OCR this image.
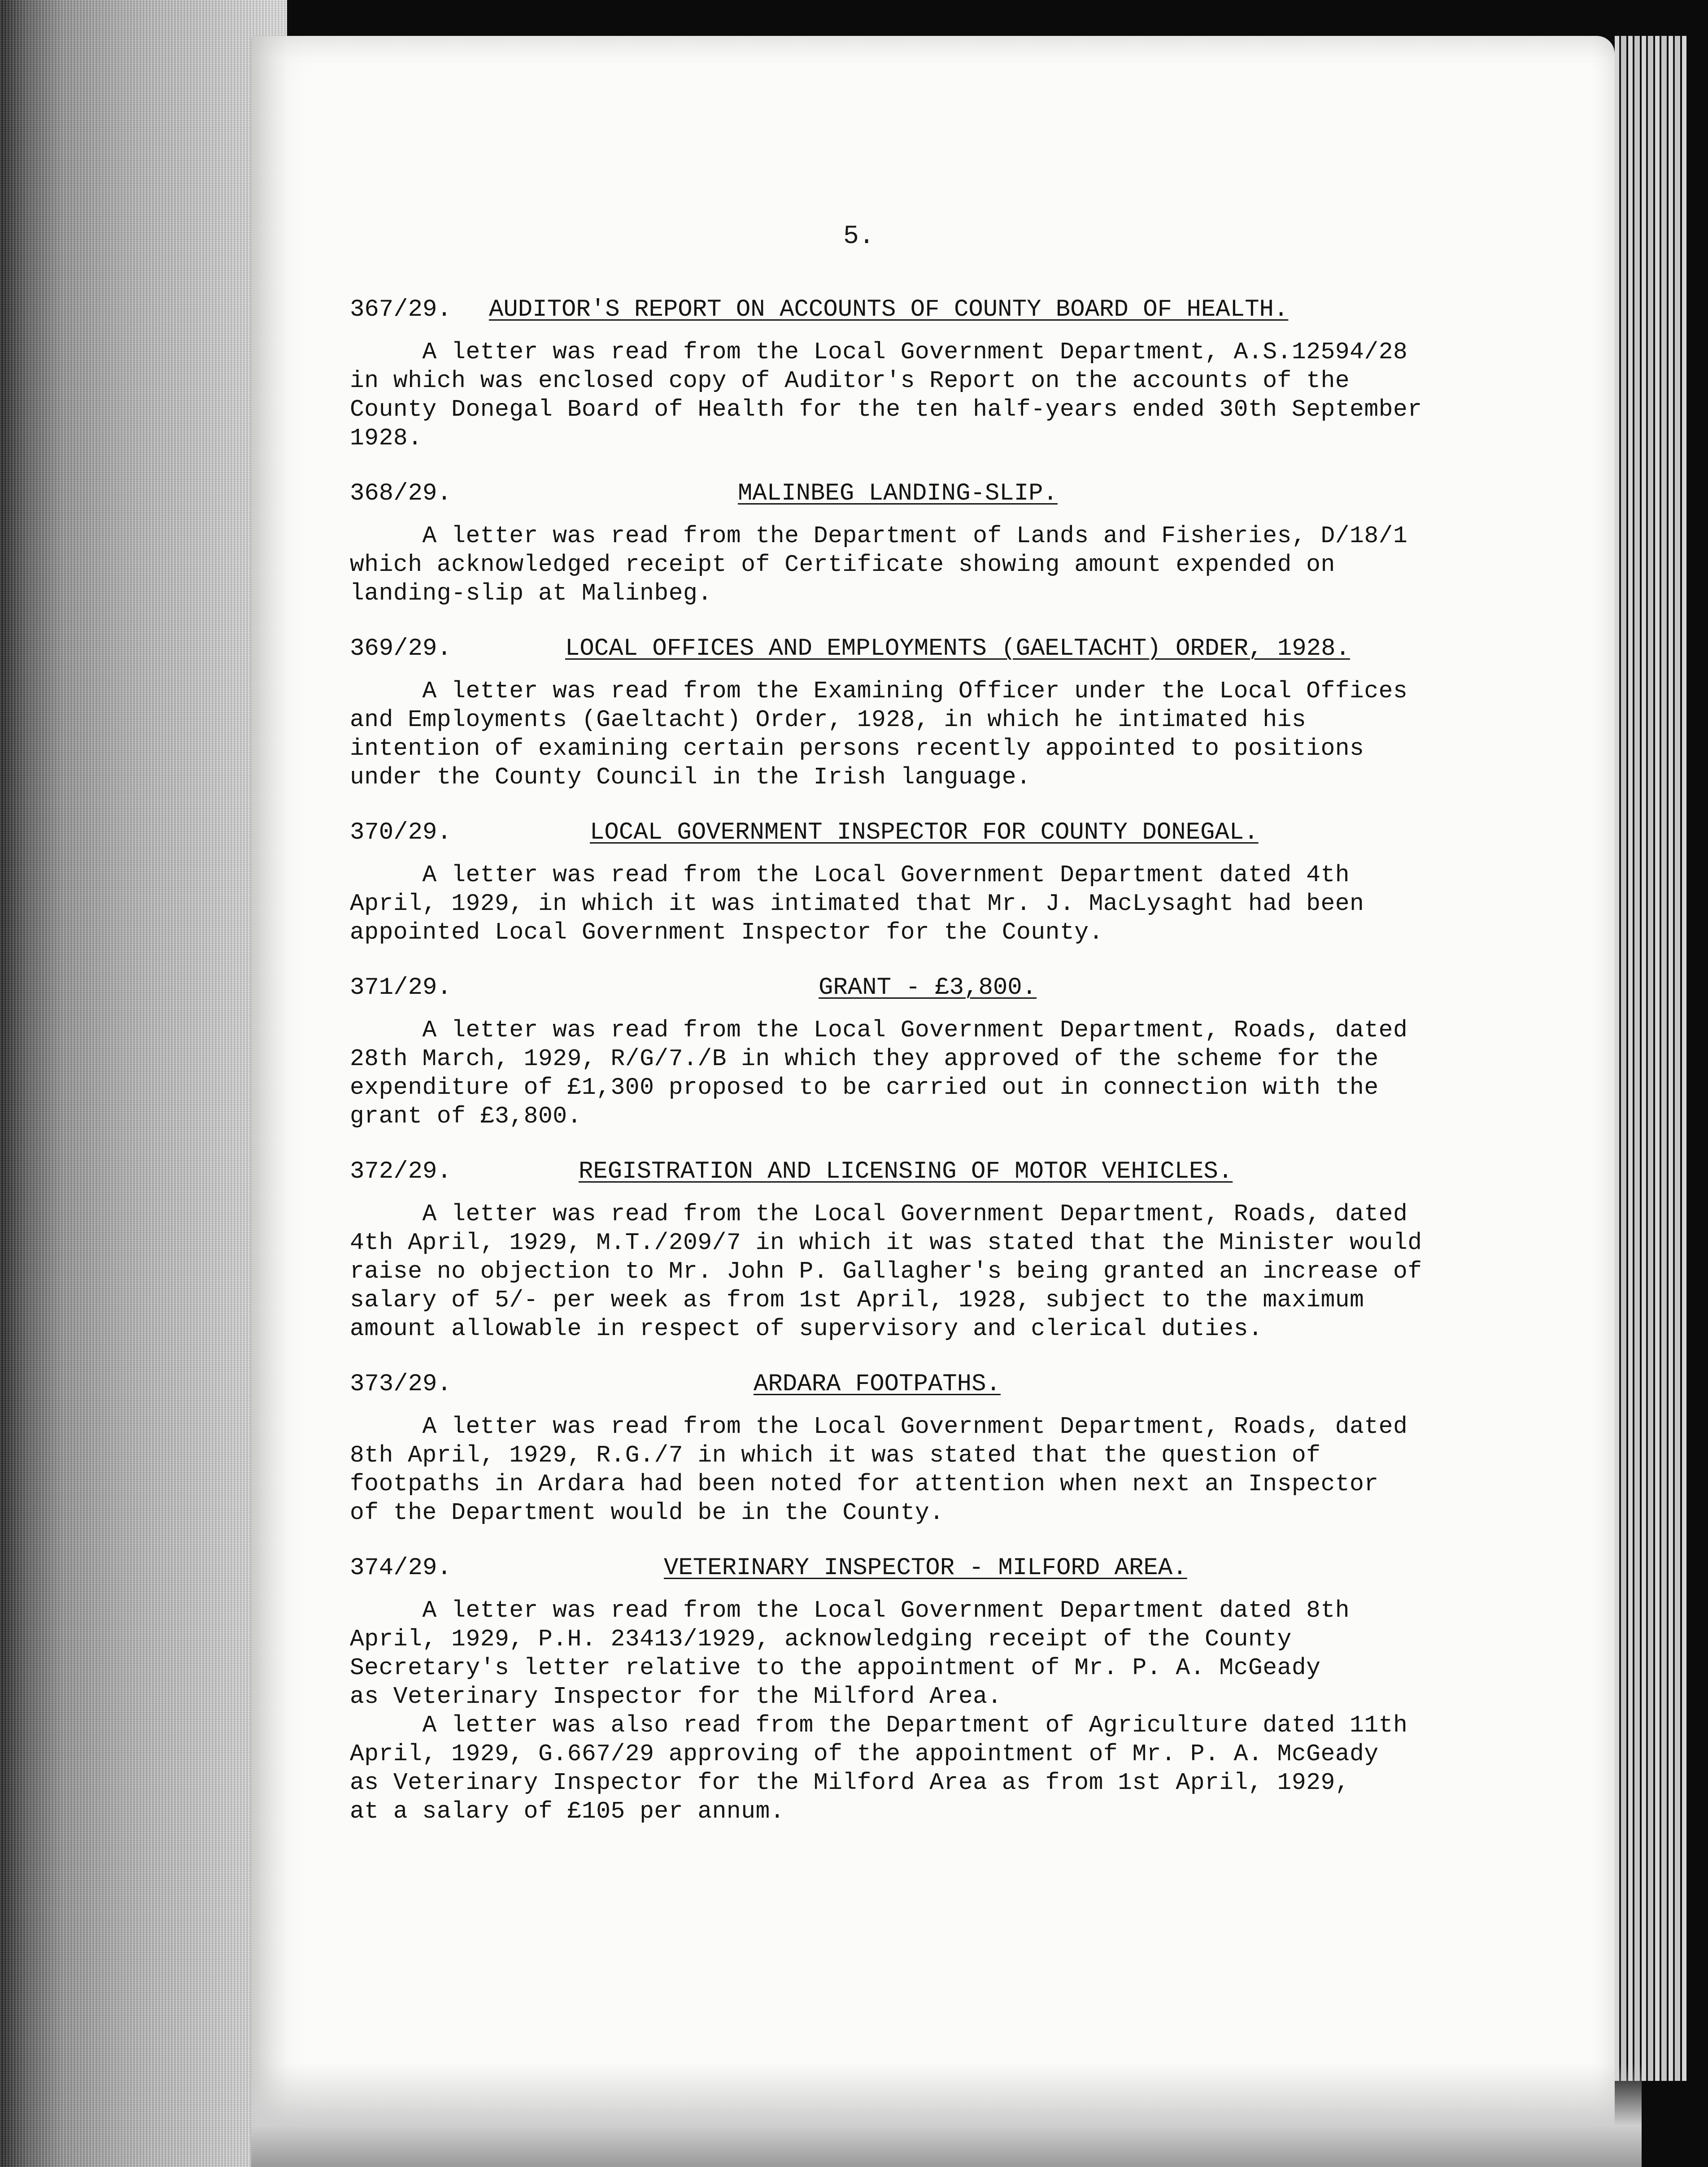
5.
367/29. AUDITOR'S REPORT ON ACCOUNTS OF COUNTY BOARD OF HEALTH.

A letter was read from the Local Government Department, A.S.12594/28

in which was enclosed copy of Auditor's Report on the accounts of the

County Donegal Board of Health for the ten half-years ended 30th September

1928.

368/29.	MALINBEG LANDING-SLIP.

A letter was read from the Department of Lands and Fisheries, D/18/1

which acknowledged receipt of Certificate showing amount expended on

landing-slip at Malinbeg.

369/29.	LOCAL OFFICES AND EMPLOYMENTS (GAELTACHT) ORDER, 1928.

A letter was read from the Examining Officer under the Local Offices

and Employments (Gaeltacht) Order, 1928, in which he intimated his

intention of examining certain persons recently appointed to positions

under the County Council in the Irish language.

370/29.	LOCAL GOVERNMENT INSPECTOR FOR COUNTY DONEGAL.

A letter was read from the Local Government Department dated 4th

April, 1929, in which it was intimated that Mr. J. MacLysaght had been

appointed Local Government Inspector for the County.

371/29.	GRANT - £3,800.

A letter was read from the Local Government Department, Roads, dated

28th March, 1929, R/G/7./B in which they approved of the scheme for the

expenditure of £1,300 proposed to be carried out in connection with the

grant of £3,800.

372/29.	REGISTRATION AND LICENSING OF MOTOR VEHICLES.

A letter was read from the Local Government Department, Roads, dated

4th April, 1929, M.T./209/7 in which it was stated that the Minister would

raise no objection to Mr. John P. Gallagher's being granted an increase of

salary of 5/- per week as from 1st April, 1928, subject to the maximum

amount allowable in respect of supervisory and clerical duties.

373/29.	ARDARA FOOTPATHS.

A letter was read from the Local Government Department, Roads, dated

8th April, 1929, R.G./7 in which it was stated that the question of

footpaths in Ardara had been noted for attention when next an Inspector

of the Department would be in the County.

374/29.	VETERINARY INSPECTOR - MILFORD AREA.

A letter was read from the Local Government Department dated 8th

April, 1929, P.H. 23413/1929, acknowledging receipt of the County

Secretary's letter relative to the appointment of Mr. P. A. McGeady

as Veterinary Inspector for the Milford Area.

A letter was also read from the Department of Agriculture dated 11th

April, 1929, G.667/29 approving of the appointment of Mr. P. A. McGeady

as Veterinary Inspector for the Milford Area as from 1st April, 1929,

at a salary of £105 per annum.
